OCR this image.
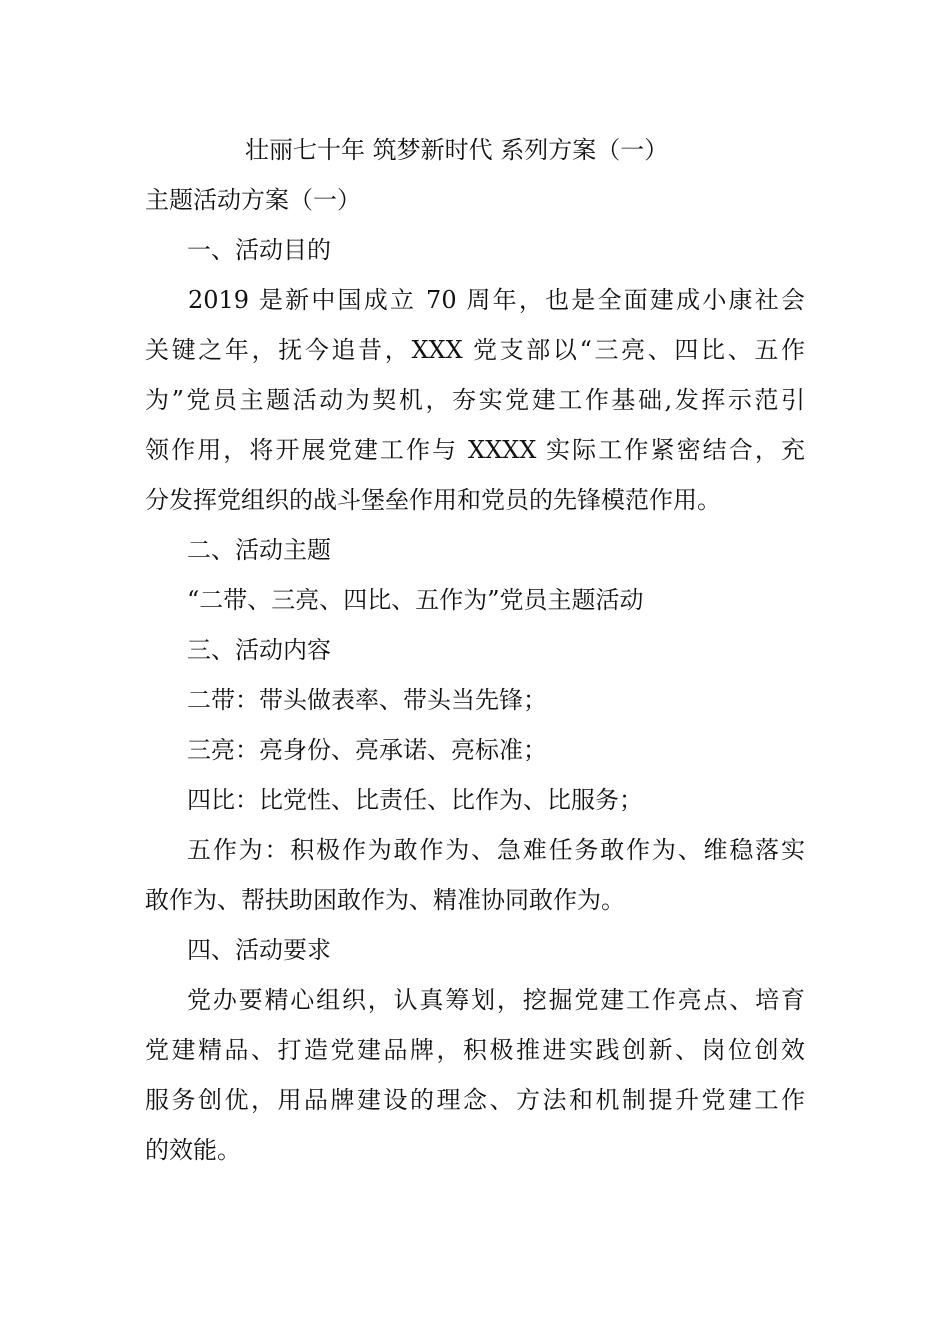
壮丽七十年 筑梦新时代 系列方案（一）
主题活动方案（一）
一、活动目的
2019 是新中国成立 70 周年，也是全面建成小康社会
关键之年，抚今追昔，XXX 党支部以“三亮、四比、五作
为”党员主题活动为契机，夯实党建工作基础,发挥示范引
领作用，将开展党建工作与 XXXX 实际工作紧密结合，充
分发挥党组织的战斗堡垒作用和党员的先锋模范作用。
二、活动主题
“二带、三亮、四比、五作为”党员主题活动
三、活动内容
二带：带头做表率、带头当先锋；
三亮：亮身份、亮承诺、亮标准；
四比：比党性、比责任、比作为、比服务；
五作为：积极作为敢作为、急难任务敢作为、维稳落实
敢作为、帮扶助困敢作为、精准协同敢作为。
四、活动要求
党办要精心组织，认真筹划，挖掘党建工作亮点、培育
党建精品、打造党建品牌，积极推进实践创新、岗位创效
服务创优，用品牌建设的理念、方法和机制提升党建工作
的效能。
